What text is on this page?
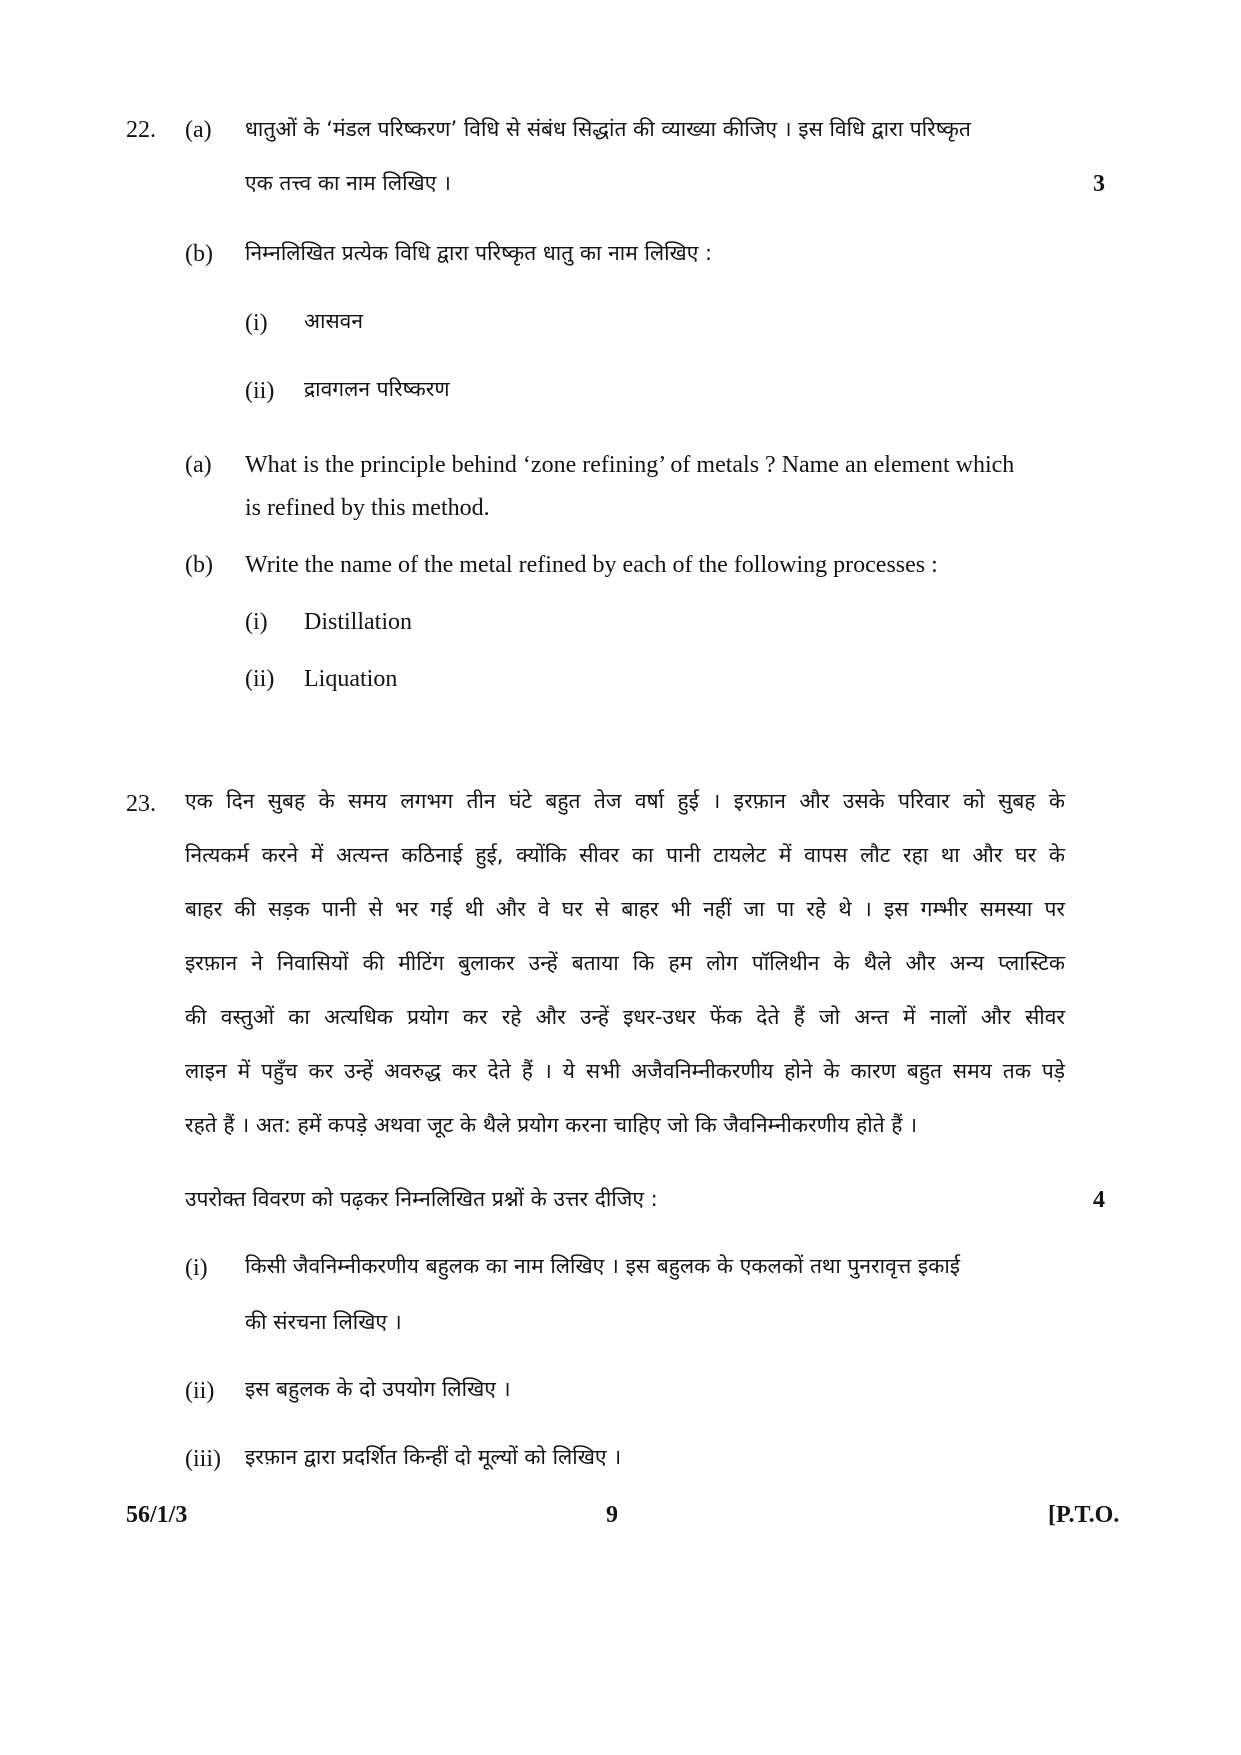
22. (a) धातुओं के ‘मंडल परिष्करण’ विधि से संबंध सिद्धांत की व्याख्या कीजिए । इस विधि द्वारा परिष्कृत
एक तत्त्व का नाम लिखिए ।	3
(b) निम्नलिखित प्रत्येक विधि द्वारा परिष्कृत धातु का नाम लिखिए :
(i) आसवन
(ii) द्रावगलन परिष्करण
(a) What is the principle behind ‘zone refining’ of metals ? Name an element which
is refined by this method.
(b) Write the name of the metal refined by each of the following processes :
(i) Distillation
(ii) Liquation
23. एक दिन सुबह के समय लगभग तीन घंटे बहुत तेज वर्षा हुई । इरफ़ान और उसके परिवार को सुबह के
नित्यकर्म करने में अत्यन्त कठिनाई हुई, क्योंकि सीवर का पानी टायलेट में वापस लौट रहा था और घर के
बाहर की सड़क पानी से भर गई थी और वे घर से बाहर भी नहीं जा पा रहे थे । इस गम्भीर समस्या पर
इरफ़ान ने निवासियों की मीटिंग बुलाकर उन्हें बताया कि हम लोग पॉलिथीन के थैले और अन्य प्लास्टिक
की वस्तुओं का अत्यधिक प्रयोग कर रहे और उन्हें इधर-उधर फेंक देते हैं जो अन्त में नालों और सीवर
लाइन में पहुँच कर उन्हें अवरुद्ध कर देते हैं । ये सभी अजैवनिम्नीकरणीय होने के कारण बहुत समय तक पड़े
रहते हैं । अत: हमें कपड़े अथवा जूट के थैले प्रयोग करना चाहिए जो कि जैवनिम्नीकरणीय होते हैं ।
उपरोक्त विवरण को पढ़कर निम्नलिखित प्रश्नों के उत्तर दीजिए :	4
(i) किसी जैवनिम्नीकरणीय बहुलक का नाम लिखिए । इस बहुलक के एकलकों तथा पुनरावृत्त इकाई
की संरचना लिखिए ।
(ii) इस बहुलक के दो उपयोग लिखिए ।
(iii) इरफ़ान द्वारा प्रदर्शित किन्हीं दो मूल्यों को लिखिए ।
56/1/3	9	[P.T.O.
